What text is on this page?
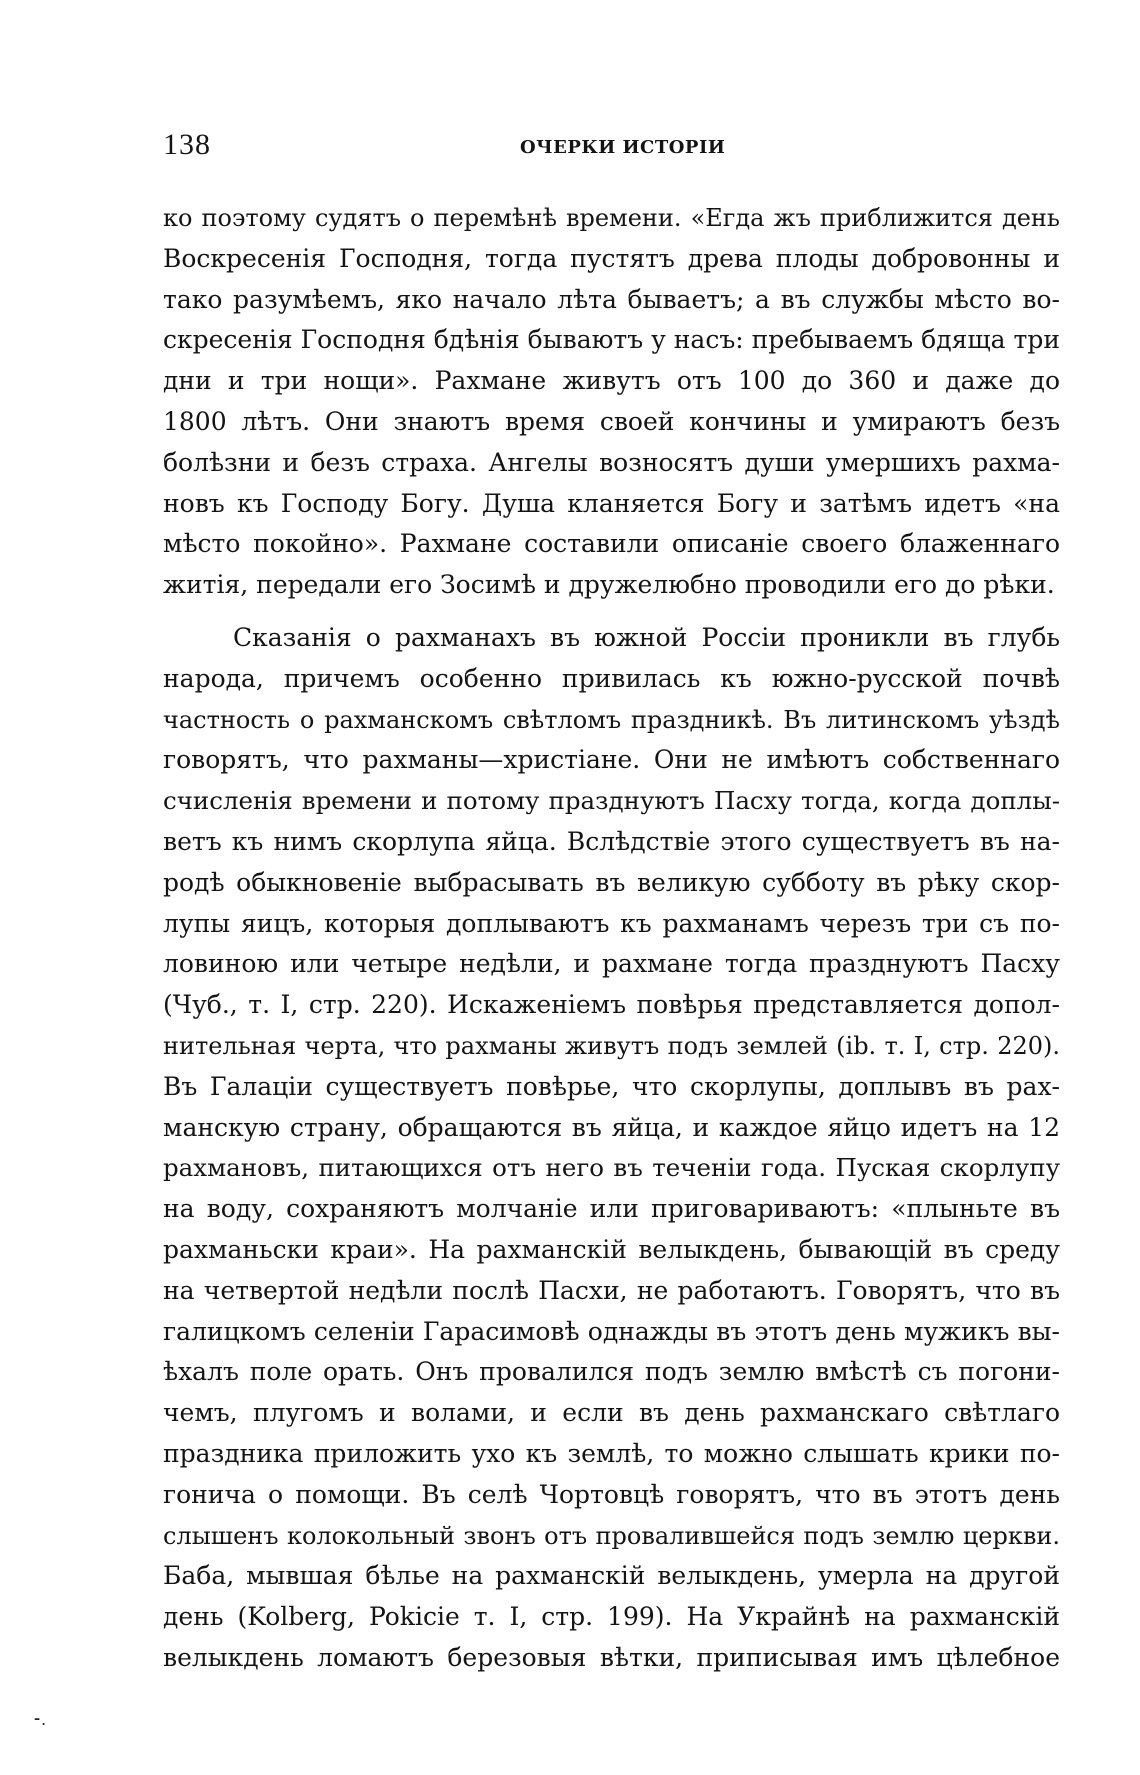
138	ОЧЕРКИ ИСТОРІИ
ко поэтому судятъ о перемѣнѣ времени. «Егда жъ приближится день
Воскресенія Господня, тогда пустятъ древа плоды добровонны и
тако разумѣемъ, яко начало лѣта бываетъ; а въ службы мѣсто во-
скресенія Господня бдѣнія бываютъ у насъ: пребываемъ бдяща три
дни и три нощи». Рахмане живутъ отъ 100 до 360 и даже до
1800 лѣтъ. Они знаютъ время своей кончины и умираютъ безъ
болѣзни и безъ страха. Ангелы возносятъ души умершихъ рахма-
новъ къ Господу Богу. Душа кланяется Богу и затѣмъ идетъ «на
мѣсто покойно». Рахмане составили описаніе своего блаженнаго
житія, передали его Зосимѣ и дружелюбно проводили его до рѣки.
Сказанія о рахманахъ въ южной Россіи проникли въ глубь
народа, причемъ особенно привилась къ южно-русской почвѣ
частность о рахманскомъ свѣтломъ праздникѣ. Въ литинскомъ уѣздѣ
говорятъ, что рахманы—христіане. Они не имѣютъ собственнаго
счисленія времени и потому празднуютъ Пасху тогда, когда доплы-
ветъ къ нимъ скорлупа яйца. Вслѣдствіе этого существуетъ въ на-
родѣ обыкновеніе выбрасывать въ великую субботу въ рѣку скор-
лупы яицъ, которыя доплываютъ къ рахманамъ черезъ три съ по-
ловиною или четыре недѣли, и рахмане тогда празднуютъ Пасху
(Чуб., т. I, стр. 220). Искаженіемъ повѣрья представляется допол-
нительная черта, что рахманы живутъ подъ землей (ib. т. I, стр. 220).
Въ Галаціи существуетъ повѣрье, что скорлупы, доплывъ въ рах-
манскую страну, обращаются въ яйца, и каждое яйцо идетъ на 12
рахмановъ, питающихся отъ него въ теченіи года. Пуская скорлупу
на воду, сохраняютъ молчаніе или приговариваютъ: «плыньте въ
рахманьски краи». На рахманскій велыкдень, бывающій въ среду
на четвертой недѣли послѣ Пасхи, не работаютъ. Говорятъ, что въ
галицкомъ селеніи Гарасимовѣ однажды въ этотъ день мужикъ вы-
ѣхалъ поле орать. Онъ провалился подъ землю вмѣстѣ съ погони-
чемъ, плугомъ и волами, и если въ день рахманскаго свѣтлаго
праздника приложить ухо къ землѣ, то можно слышать крики по-
гонича о помощи. Въ селѣ Чортовцѣ говорятъ, что въ этотъ день
слышенъ колокольный звонъ отъ провалившейся подъ землю церкви.
Баба, мывшая бѣлье на рахманскій велыкдень, умерла на другой
день (Kolberg, Pokicie т. I, стр. 199). На Украйнѣ на рахманскій
велыкдень ломаютъ березовыя вѣтки, приписывая имъ цѣлебное
⁃.
